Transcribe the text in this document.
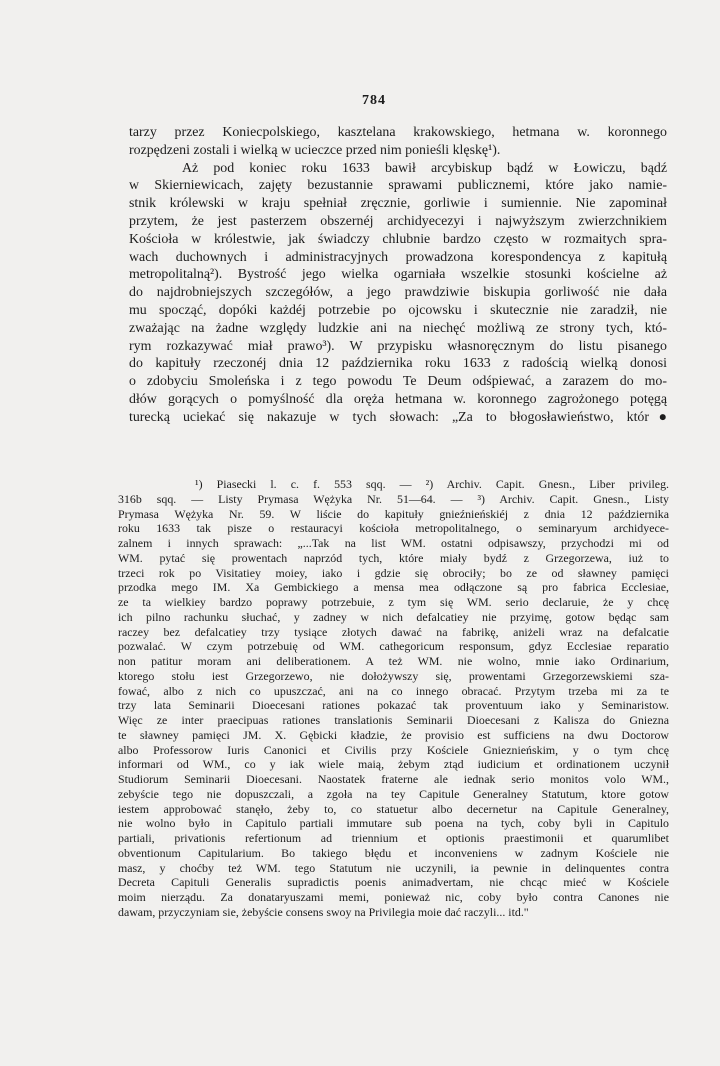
784
tarzy przez Koniecpolskiego, kasztelana krakowskiego, hetmana w. koronnego
rozpędzeni zostali i wielką w ucieczce przed nim ponieśli klęskę¹).
Aż pod koniec roku 1633 bawił arcybiskup bądź w Łowiczu, bądź
w Skierniewicach, zajęty bezustannie sprawami publicznemi, które jako namie-
stnik królewski w kraju spełniał zręcznie, gorliwie i sumiennie. Nie zapominał
przytem, że jest pasterzem obszernéj archidyecezyi i najwyższym zwierzchnikiem
Kościoła w królestwie, jak świadczy chlubnie bardzo często w rozmaitych spra-
wach duchownych i administracyjnych prowadzona korespondencya z kapitułą
metropolitalną²). Bystrość jego wielka ogarniała wszelkie stosunki kościelne aż
do najdrobniejszych szczegółów, a jego prawdziwie biskupia gorliwość nie dała
mu spocząć, dopóki każdéj potrzebie po ojcowsku i skutecznie nie zaradził, nie
zważając na żadne względy ludzkie ani na niechęć możliwą ze strony tych, któ-
rym rozkazywać miał prawo³). W przypisku własnoręcznym do listu pisanego
do kapituły rzeczonéj dnia 12 października roku 1633 z radością wielką donosi
o zdobyciu Smoleńska i z tego powodu Te Deum odśpiewać, a zarazem do mo-
dłów gorących o pomyślność dla oręża hetmana w. koronnego zagrożonego potęgą
turecką uciekać się nakazuje w tych słowach: „Za to błogosławieństwo, któr●
¹) Piasecki l. c. f. 553 sqq. — ²) Archiv. Capit. Gnesn., Liber privileg.
316b sqq. — Listy Prymasa Wężyka Nr. 51—64. — ³) Archiv. Capit. Gnesn., Listy
Prymasa Wężyka Nr. 59. W liście do kapituły gnieźnieńskiéj z dnia 12 października
roku 1633 tak pisze o restauracyi kościoła metropolitalnego, o seminaryum archidyece-
zalnem i innych sprawach: „...Tak na list WM. ostatni odpisawszy, przychodzi mi od
WM. pytać się prowentach naprzód tych, które miały bydź z Grzegorzewa, iuż to
trzeci rok po Visitatiey moiey, iako i gdzie się obrociły; bo ze od sławney pamięci
przodka mego IM. Xa Gembickiego a mensa mea odłączone są pro fabrica Ecclesiae,
ze ta wielkiey bardzo poprawy potrzebuie, z tym się WM. serio declaruie, że y chcę
ich pilno rachunku słuchać, y zadney w nich defalcatiey nie przyimę, gotow będąc sam
raczey bez defalcatiey trzy tysiące złotych dawać na fabrikę, aniżeli wraz na defalcatie
pozwalać. W czym potrzebuię od WM. cathegoricum responsum, gdyz Ecclesiae reparatio
non patitur moram ani deliberationem. A też WM. nie wolno, mnie iako Ordinarium,
ktorego stołu iest Grzegorzewo, nie dołożywszy się, prowentami Grzegorzewskiemi sza-
fować, albo z nich co upuszczać, ani na co innego obracać. Przytym trzeba mi za te
trzy lata Seminarii Dioecesani rationes pokazać tak proventuum iako y Seminaristow.
Więc ze inter praecipuas rationes translationis Seminarii Dioecesani z Kalisza do Gniezna
te sławney pamięci JM. X. Gębicki kładzie, że provisio est sufficiens na dwu Doctorow
albo Professorow Iuris Canonici et Civilis przy Kościele Gnieznieńskim, y o tym chcę
informari od WM., co y iak wiele maią, żebym ztąd iudicium et ordinationem uczynił
Studiorum Seminarii Dioecesani. Naostatek fraterne ale iednak serio monitos volo WM.,
zebyście tego nie dopuszczali, a zgoła na tey Capitule Generalney Statutum, ktore gotow
iestem approbować stanęło, żeby to, co statuetur albo decernetur na Capitule Generalney,
nie wolno było in Capitulo partiali immutare sub poena na tych, coby byli in Capitulo
partiali, privationis refertionum ad triennium et optionis praestimonii et quarumlibet
obventionum Capitularium. Bo takiego błędu et inconveniens w zadnym Kościele nie
masz, y choćby też WM. tego Statutum nie uczynili, ia pewnie in delinquentes contra
Decreta Capituli Generalis supradictis poenis animadvertam, nie chcąc mieć w Kościele
moim nierządu. Za donataryuszami memi, ponieważ nic, coby było contra Canones nie
dawam, przyczyniam sie, żebyście consens swoy na Privilegia moie dać raczyli... itd."
